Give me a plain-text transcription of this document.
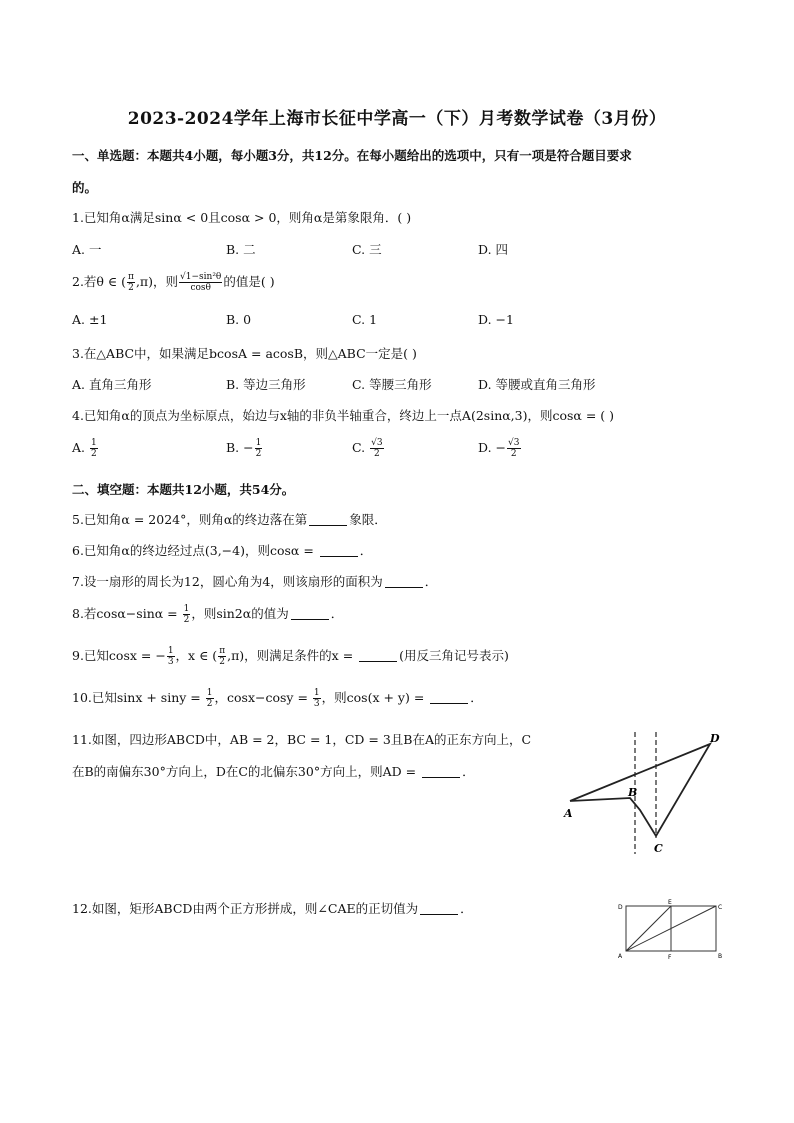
2023-2024学年上海市长征中学高一（下）月考数学试卷（3月份）
一、单选题：本题共4小题，每小题3分，共12分。在每小题给出的选项中，只有一项是符合题目要求
的。
1.已知角α满足sinα < 0且cosα > 0，则角α是第象限角．( )
A. 一	B. 二	C. 三	D. 四
2.若θ ∈ ( $\frac{\pi}{2} ,\pi$)，则 $\frac{\text{√1−sin²θ}}{\cos\theta}$ 的值是( )
A. ±1	B. 0	C. 1	D. −1
3.在△ABC中，如果满足bcosA = acosB，则△ABC一定是( )
A. 直角三角形	B. 等边三角形	C. 等腰三角形	D. 等腰或直角三角形
4.已知角α的顶点为坐标原点，始边与x轴的非负半轴重合，终边上一点A(2sinα,3)，则cosα = ( )
A. $\frac{1}{2}$	B. − $\frac{1}{2}$	C. $\frac{√3}{2}$	D. − $\frac{√3}{2}$
二、填空题：本题共12小题，共54分。
5.已知角α = 2024°，则角α的终边落在第	象限．
6.已知角α的终边经过点(3,−4)，则cosα =	．
7.设一扇形的周长为12，圆心角为4，则该扇形的面积为	．
8.若$\cos\alpha-\sin\alpha = \frac{1}{2}$ ，则sin2α的值为	．
9.已知cosx = − $\frac{1}{3}$ ，x ∈ ( $\frac{\pi}{2} ,\pi$)，则满足条件的x =	(用反三角记号表示)
10.已知$\sin x + \sin y = \frac{1}{2}$ ，$\cos x-\cos y = \frac{1}{3}$ ，则cos(x + y) =	．
11.如图，四边形ABCD中，AB = 2，BC = 1，CD = 3且B在A的正东方向上，C
在B的南偏东30°方向上，D在C的北偏东30°方向上，则AD =	．
A
B
C
D
12.如图，矩形ABCD由两个正方形拼成，则∠CAE的正切值为	．	D
E
C
A	F	B
